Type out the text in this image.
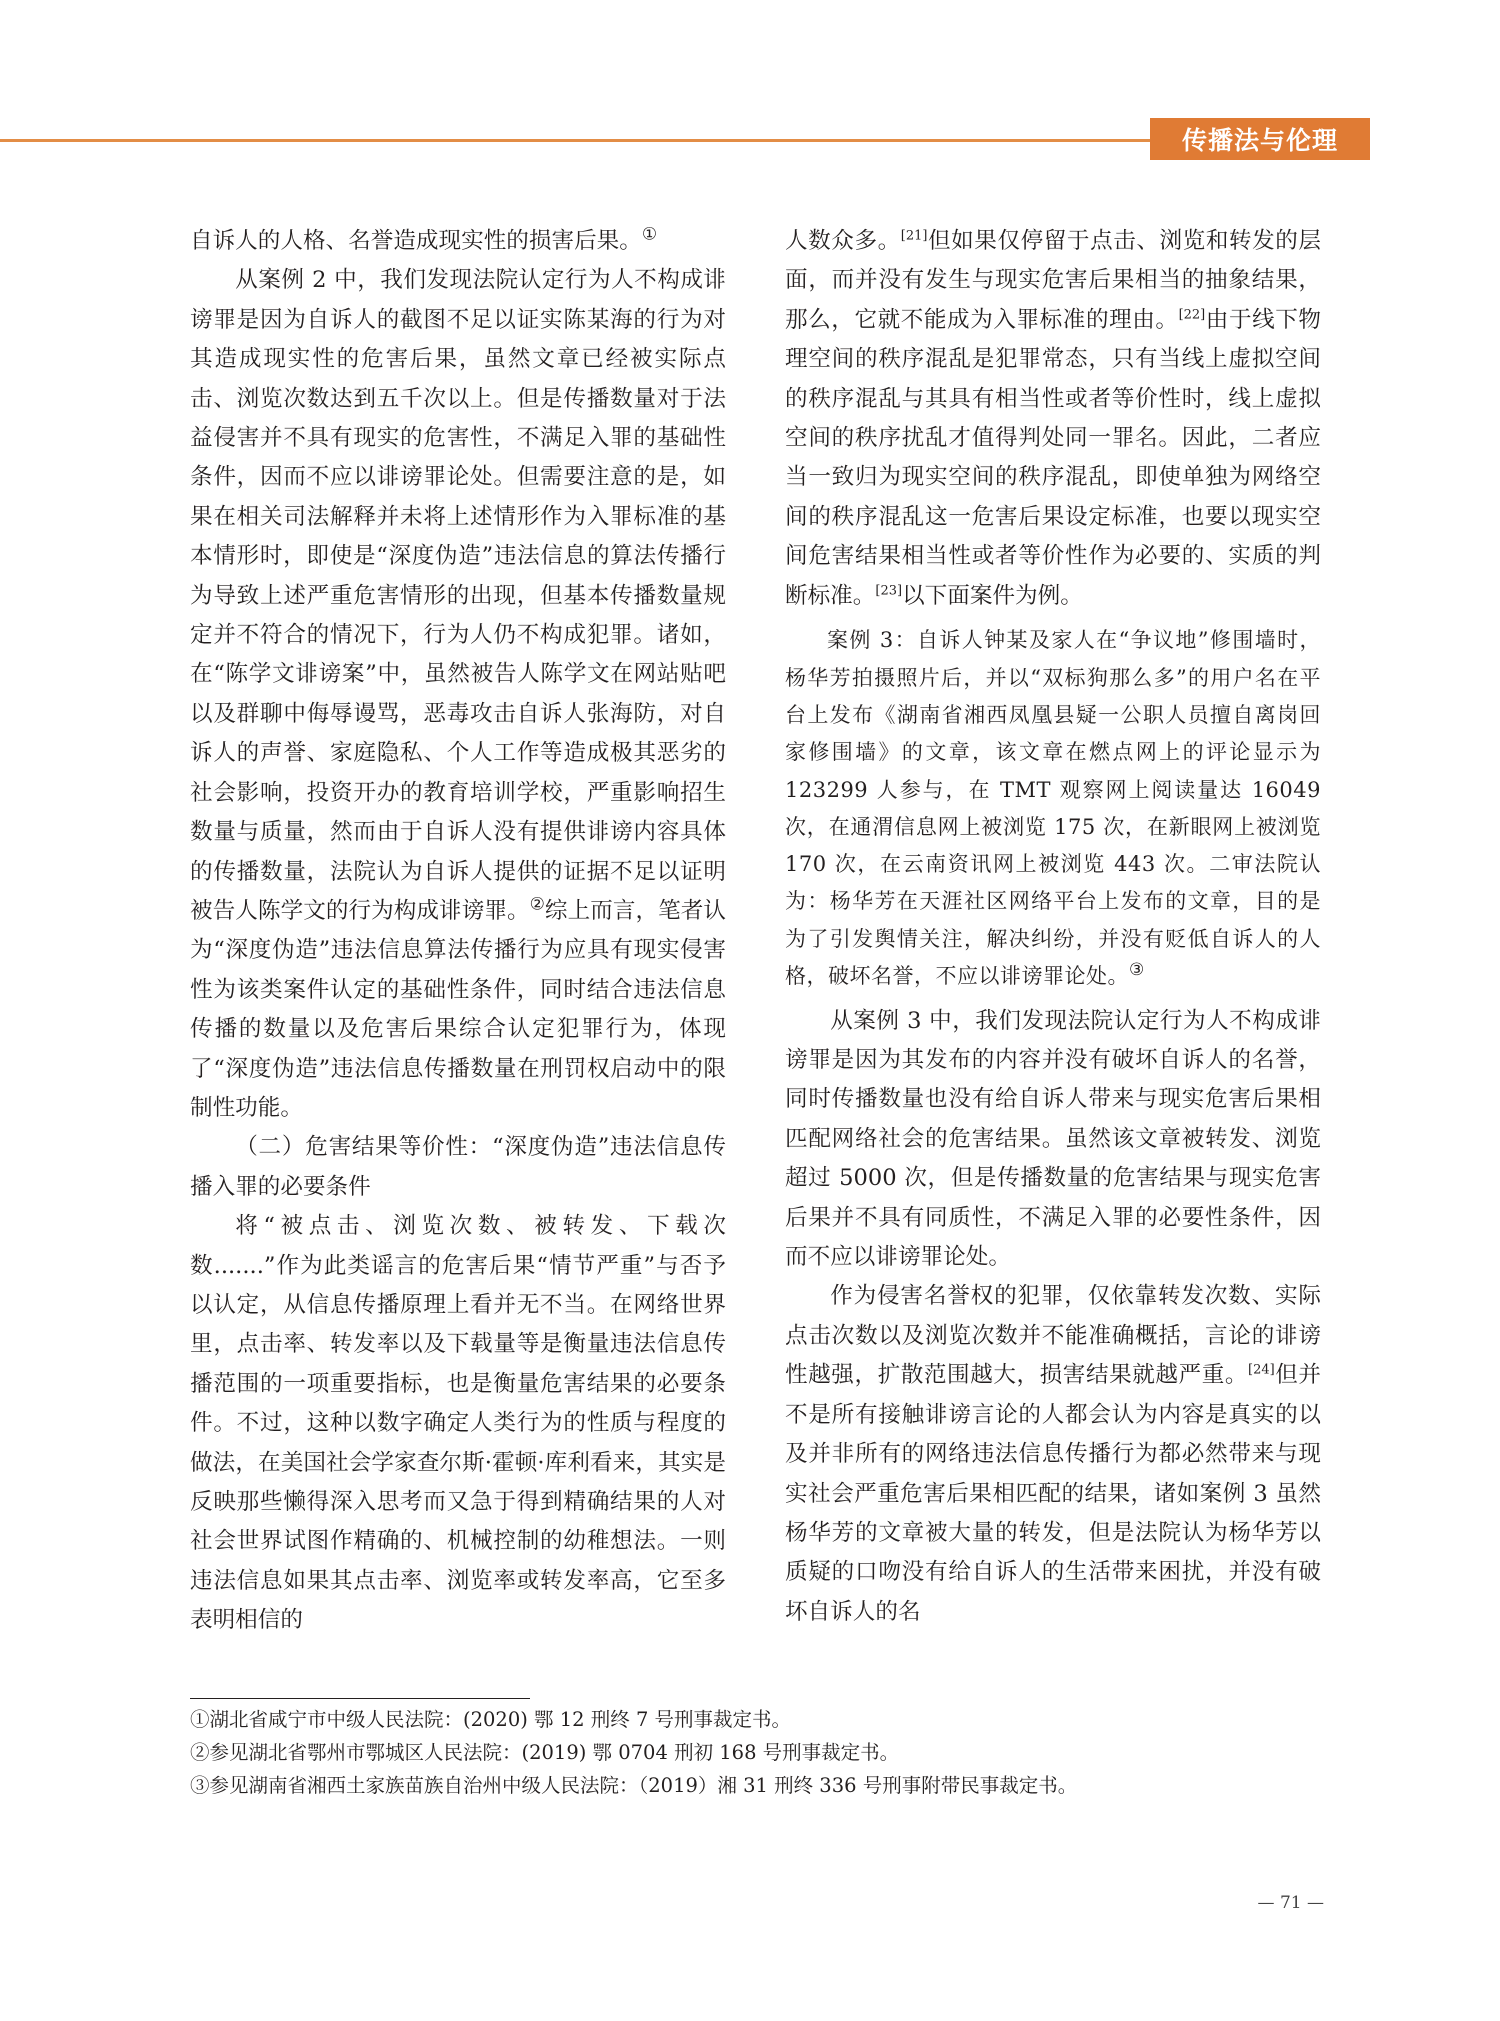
传播法与伦理

自诉人的人格、名誉造成现实性的损害后果。①

从案例 2 中，我们发现法院认定行为人不构成诽谤罪是因为自诉人的截图不足以证实陈某海的行为对其造成现实性的危害后果，虽然文章已经被实际点击、浏览次数达到五千次以上。但是传播数量对于法益侵害并不具有现实的危害性，不满足入罪的基础性条件，因而不应以诽谤罪论处。但需要注意的是，如果在相关司法解释并未将上述情形作为入罪标准的基本情形时，即使是“深度伪造”违法信息的算法传播行为导致上述严重危害情形的出现，但基本传播数量规定并不符合的情况下，行为人仍不构成犯罪。诸如，在“陈学文诽谤案”中，虽然被告人陈学文在网站贴吧以及群聊中侮辱谩骂，恶毒攻击自诉人张海防，对自诉人的声誉、家庭隐私、个人工作等造成极其恶劣的社会影响，投资开办的教育培训学校，严重影响招生数量与质量，然而由于自诉人没有提供诽谤内容具体的传播数量，法院认为自诉人提供的证据不足以证明被告人陈学文的行为构成诽谤罪。②综上而言，笔者认为“深度伪造”违法信息算法传播行为应具有现实侵害性为该类案件认定的基础性条件，同时结合违法信息传播的数量以及危害后果综合认定犯罪行为，体现了“深度伪造”违法信息传播数量在刑罚权启动中的限制性功能。

（二）危害结果等价性：“深度伪造”违法信息传播入罪的必要条件

将“被点击、浏览次数、被转发、下载次数.......”作为此类谣言的危害后果“情节严重”与否予以认定，从信息传播原理上看并无不当。在网络世界里，点击率、转发率以及下载量等是衡量违法信息传播范围的一项重要指标，也是衡量危害结果的必要条件。不过，这种以数字确定人类行为的性质与程度的做法，在美国社会学家查尔斯·霍顿·库利看来，其实是反映那些懒得深入思考而又急于得到精确结果的人对社会世界试图作精确的、机械控制的幼稚想法。一则违法信息如果其点击率、浏览率或转发率高，它至多表明相信的

人数众多。[21]但如果仅停留于点击、浏览和转发的层面，而并没有发生与现实危害后果相当的抽象结果，那么，它就不能成为入罪标准的理由。[22]由于线下物理空间的秩序混乱是犯罪常态，只有当线上虚拟空间的秩序混乱与其具有相当性或者等价性时，线上虚拟空间的秩序扰乱才值得判处同一罪名。因此，二者应当一致归为现实空间的秩序混乱，即使单独为网络空间的秩序混乱这一危害后果设定标准，也要以现实空间危害结果相当性或者等价性作为必要的、实质的判断标准。[23]以下面案件为例。

案例 3：自诉人钟某及家人在“争议地”修围墙时，杨华芳拍摄照片后，并以“双标狗那么多”的用户名在平台上发布《湖南省湘西凤凰县疑一公职人员擅自离岗回家修围墙》的文章，该文章在燃点网上的评论显示为 123299 人参与，在 TMT 观察网上阅读量达 16049 次，在通渭信息网上被浏览 175 次，在新眼网上被浏览 170 次，在云南资讯网上被浏览 443 次。二审法院认为：杨华芳在天涯社区网络平台上发布的文章，目的是为了引发舆情关注，解决纠纷，并没有贬低自诉人的人格，破坏名誉，不应以诽谤罪论处。③

从案例 3 中，我们发现法院认定行为人不构成诽谤罪是因为其发布的内容并没有破坏自诉人的名誉，同时传播数量也没有给自诉人带来与现实危害后果相匹配网络社会的危害结果。虽然该文章被转发、浏览超过 5000 次，但是传播数量的危害结果与现实危害后果并不具有同质性，不满足入罪的必要性条件，因而不应以诽谤罪论处。

作为侵害名誉权的犯罪，仅依靠转发次数、实际点击次数以及浏览次数并不能准确概括，言论的诽谤性越强，扩散范围越大，损害结果就越严重。[24]但并不是所有接触诽谤言论的人都会认为内容是真实的以及并非所有的网络违法信息传播行为都必然带来与现实社会严重危害后果相匹配的结果，诸如案例 3 虽然杨华芳的文章被大量的转发，但是法院认为杨华芳以质疑的口吻没有给自诉人的生活带来困扰，并没有破坏自诉人的名

①湖北省咸宁市中级人民法院：(2020) 鄂 12 刑终 7 号刑事裁定书。
②参见湖北省鄂州市鄂城区人民法院：(2019) 鄂 0704 刑初 168 号刑事裁定书。
③参见湖南省湘西土家族苗族自治州中级人民法院：（2019）湘 31 刑终 336 号刑事附带民事裁定书。
— 71 —
